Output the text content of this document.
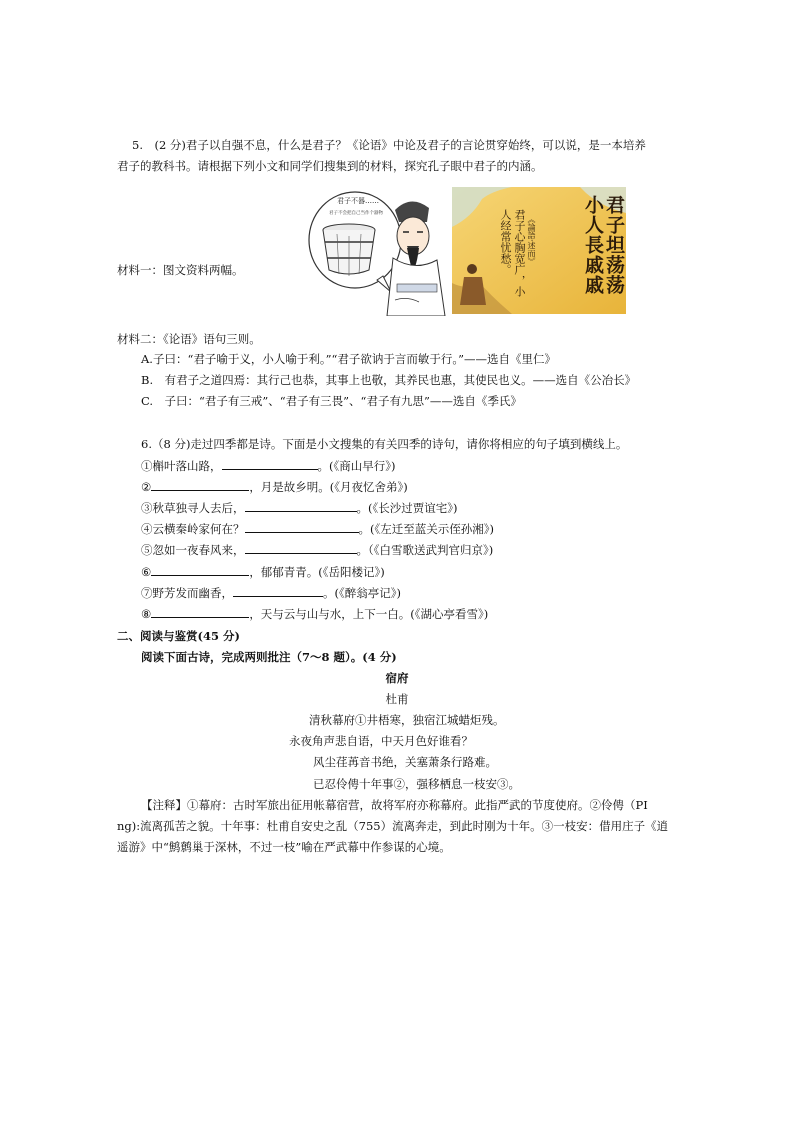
5.　(2 分)君子以自强不息，什么是君子？《论语》中论及君子的言论贯穿始终，可以说，是一本培养
君子的教科书。请根据下列小文和同学们搜集到的材料，探究孔子眼中君子的内涵。
材料一：图文资料两幅。
君子不器……
君子不会把自己当作个器物	君子坦荡荡 小人長戚戚
《論語·述而》
君子心胸宽广，小人经常忧愁。
材料二：《论语》语句三则。
A.子曰：“君子喻于义，小人喻于利。”“君子欲讷于言而敏于行。”——选自《里仁》
B.　有君子之道四焉：其行己也恭，其事上也敬，其养民也惠，其使民也义。——选自《公冶长》
C.　子曰：“君子有三戒”、“君子有三畏”、“君子有九思”——选自《季氏》
6.（8 分)走过四季都是诗。下面是小文搜集的有关四季的诗句，请你将相应的句子填到横线上。
①槲叶落山路，	。(《商山早行》)
②	，月是故乡明。(《月夜忆舍弟》)
③秋草独寻人去后，	。(《长沙过贾谊宅》)
④云横秦岭家何在？	。(《左迁至蓝关示侄孙湘》)
⑤忽如一夜春风来，	。（《白雪歌送武判官归京》)
⑥	，郁郁青青。(《岳阳楼记》)
⑦野芳发而幽香，	。(《醉翁亭记》)
⑧	，天与云与山与水，上下一白。(《湖心亭看雪》)
二、阅读与鉴赏(45 分)
阅读下面古诗，完成两则批注（7～8 题）。(4 分)
宿府
杜甫
清秋幕府①井梧寒，独宿江城蜡炬残。
永夜角声悲自语，中天月色好谁看？
风尘荏苒音书绝，关塞萧条行路难。
已忍伶俜十年事②，强移栖息一枝安③。
【注释】①幕府：古时军旅出征用帐幕宿营，故将军府亦称幕府。此指严武的节度使府。②伶俜（PI
ng):流离孤苦之貌。十年事：杜甫自安史之乱（755）流离奔走，到此时刚为十年。③一枝安：借用庄子《逍
遥游》中“鹪鹩巢于深林，不过一枝”喻在严武幕中作参谋的心境。
